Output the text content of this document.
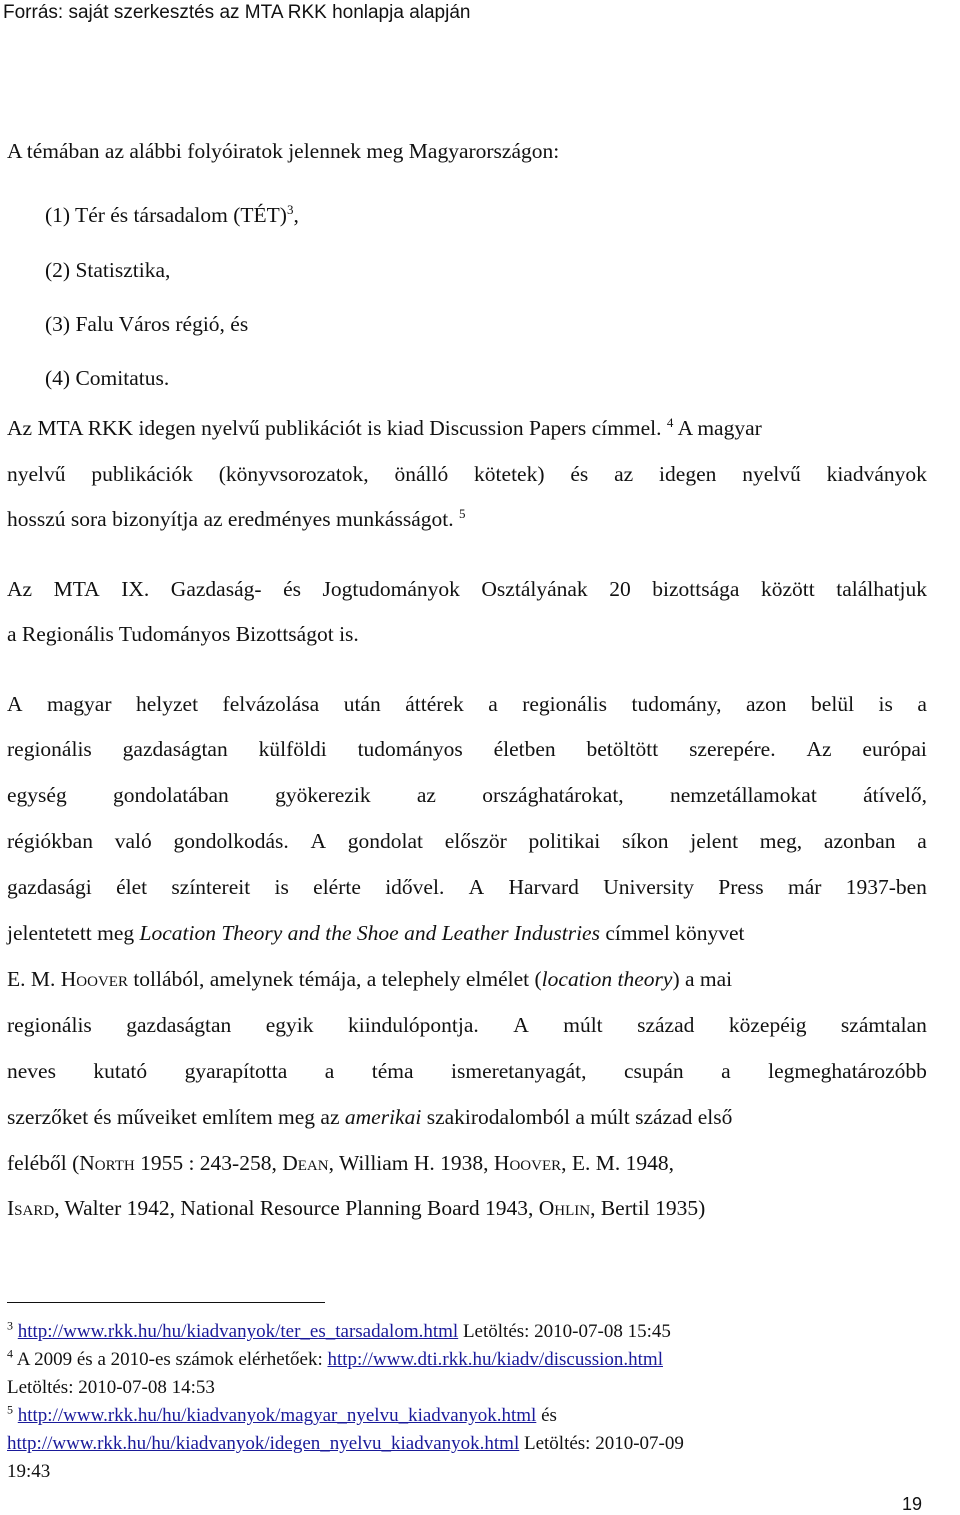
Forrás: saját szerkesztés az MTA RKK honlapja alapján
A témában az alábbi folyóiratok jelennek meg Magyarországon:
(1) Tér és társadalom (TÉT)$^3$,
(2) Statisztika,
(3) Falu Város régió, és
(4) Comitatus.
Az MTA RKK idegen nyelvű publikációt is kiad Discussion Papers címmel. $^4$ A magyar
nyelvű publikációk (könyvsorozatok, önálló kötetek) és az idegen nyelvű kiadványok
hosszú sora bizonyítja az eredményes munkásságot. $^5$
Az MTA IX. Gazdaság- és Jogtudományok Osztályának 20 bizottsága között találhatjuk
a Regionális Tudományos Bizottságot is.
A magyar helyzet felvázolása után áttérek a regionális tudomány, azon belül is a
regionális gazdaságtan külföldi tudományos életben betöltött szerepére. Az európai
egység gondolatában gyökerezik az országhatárokat, nemzetállamokat átívelő,
régiókban való gondolkodás. A gondolat először politikai síkon jelent meg, azonban a
gazdasági élet színtereit is elérte idővel. A Harvard University Press már 1937-ben
jelentetett meg Location Theory and the Shoe and Leather Industries címmel könyvet
E. M. Hoover tollából, amelynek témája, a telephely elmélet (location theory) a mai
regionális gazdaságtan egyik kiindulópontja. A múlt század közepéig számtalan
neves kutató gyarapította a téma ismeretanyagát, csupán a legmeghatározóbb
szerzőket és műveiket említem meg az amerikai szakirodalomból a múlt század első
feléből (North 1955 : 243-258, Dean, William H. 1938, Hoover, E. M. 1948,
Isard, Walter 1942, National Resource Planning Board 1943, Ohlin, Bertil 1935)
$^3$ http://www.rkk.hu/hu/kiadvanyok/ter_es_tarsadalom.html Letöltés: 2010-07-08 15:45
$^4$ A 2009 és a 2010-es számok elérhetőek: http://www.dti.rkk.hu/kiadv/discussion.html
Letöltés: 2010-07-08 14:53
$^5$ http://www.rkk.hu/hu/kiadvanyok/magyar_nyelvu_kiadvanyok.html és
http://www.rkk.hu/hu/kiadvanyok/idegen_nyelvu_kiadvanyok.html Letöltés: 2010-07-09
19:43
19
